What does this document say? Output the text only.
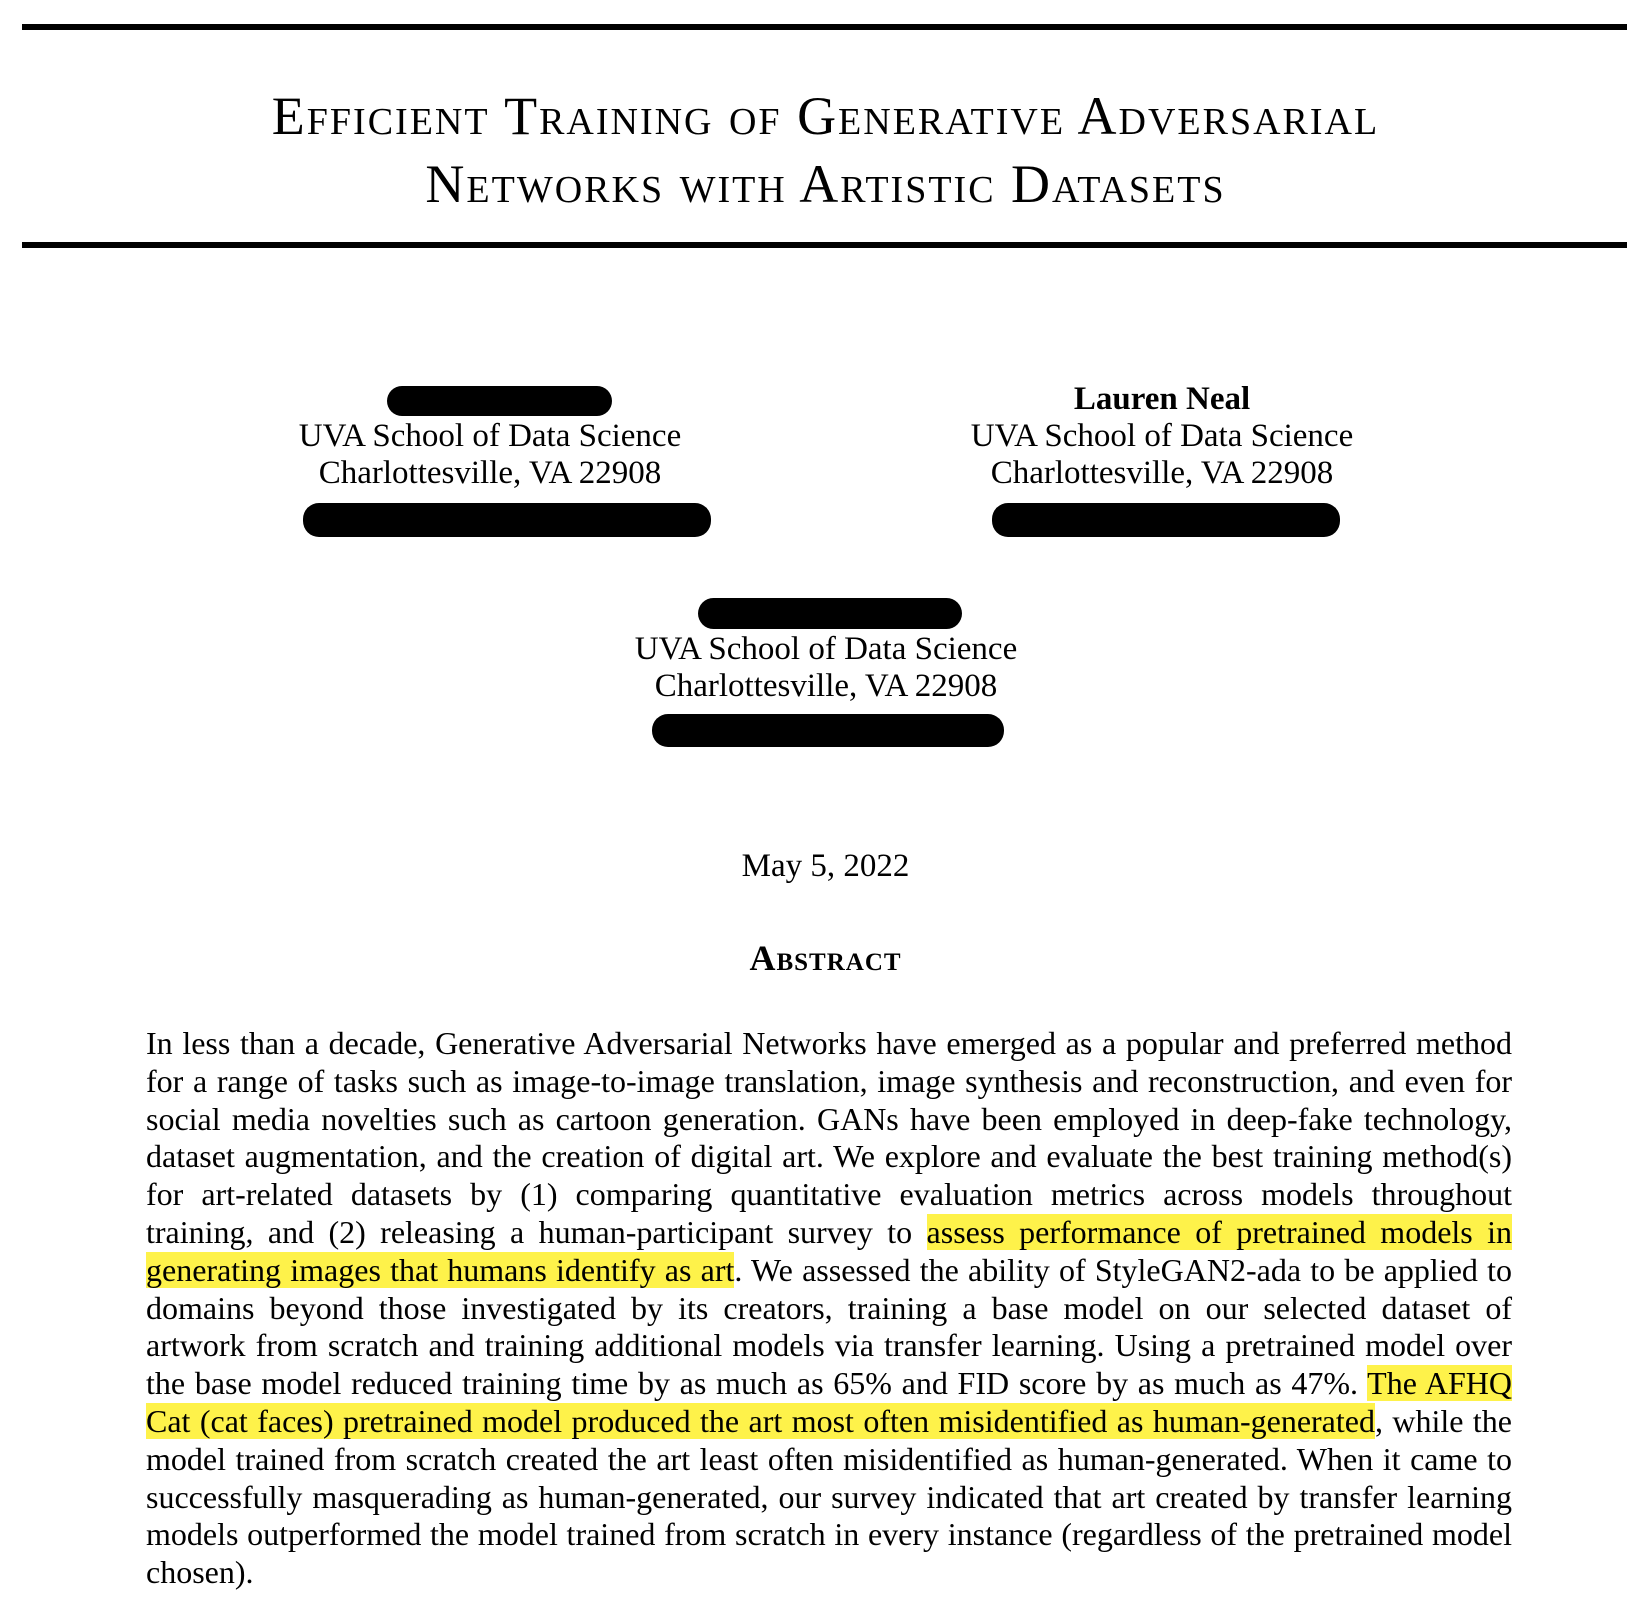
Efficient Training of Generative Adversarial
Networks with Artistic Datasets
UVA School of Data Science
Charlottesville, VA 22908
Lauren Neal
UVA School of Data Science
Charlottesville, VA 22908
UVA School of Data Science
Charlottesville, VA 22908
May 5, 2022
Abstract
In less than a decade, Generative Adversarial Networks have emerged as a popular and preferred method for a range of tasks such as image-to-image translation, image synthesis and reconstruction, and even for social media novelties such as cartoon generation. GANs have been employed in deep-fake technology, dataset augmentation, and the creation of digital art. We explore and evaluate the best training method(s) for art-related datasets by (1) comparing quantitative evaluation metrics across models throughout training, and (2) releasing a human-participant survey to assess performance of pretrained models in generating images that humans identify as art. We assessed the ability of StyleGAN2-ada to be applied to domains beyond those investigated by its creators, training a base model on our selected dataset of artwork from scratch and training additional models via transfer learning. Using a pretrained model over the base model reduced training time by as much as 65% and FID score by as much as 47%. The AFHQ Cat (cat faces) pretrained model produced the art most often misidentified as human-generated, while the model trained from scratch created the art least often misidentified as human-generated. When it came to successfully masquerading as human-generated, our survey indicated that art created by transfer learning models outperformed the model trained from scratch in every instance (regardless of the pretrained model chosen).
